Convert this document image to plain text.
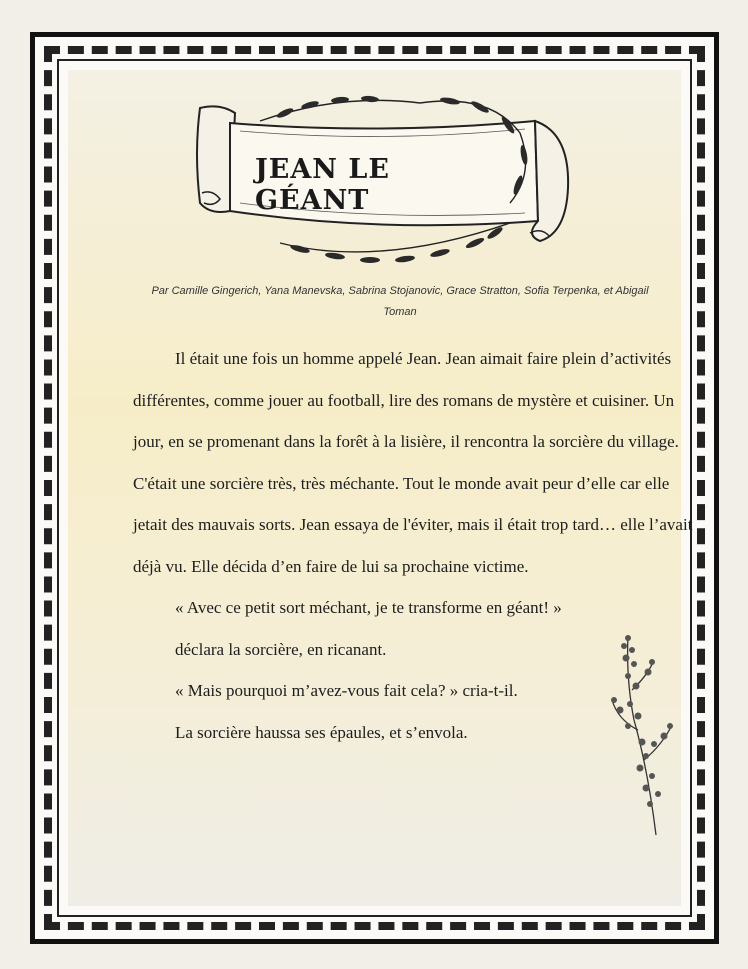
JEAN LE GÉANT
Par Camille Gingerich, Yana Manevska, Sabrina Stojanovic, Grace Stratton, Sofia Terpenka, et Abigail Toman

Il était une fois un homme appelé Jean. Jean aimait faire plein d’activités différentes, comme jouer au football, lire des romans de mystère et cuisiner. Un jour, en se promenant dans la forêt à la lisière, il rencontra la sorcière du village. C'était une sorcière très, très méchante. Tout le monde avait peur d’elle car elle jetait des mauvais sorts. Jean essaya de l'éviter, mais il était trop tard… elle l’avait déjà vu. Elle décida d’en faire de lui sa prochaine victime.

« Avec ce petit sort méchant, je te transforme en géant! » déclara la sorcière, en ricanant.

« Mais pourquoi m’avez-vous fait cela? » cria-t-il.

La sorcière haussa ses épaules, et s’envola.
